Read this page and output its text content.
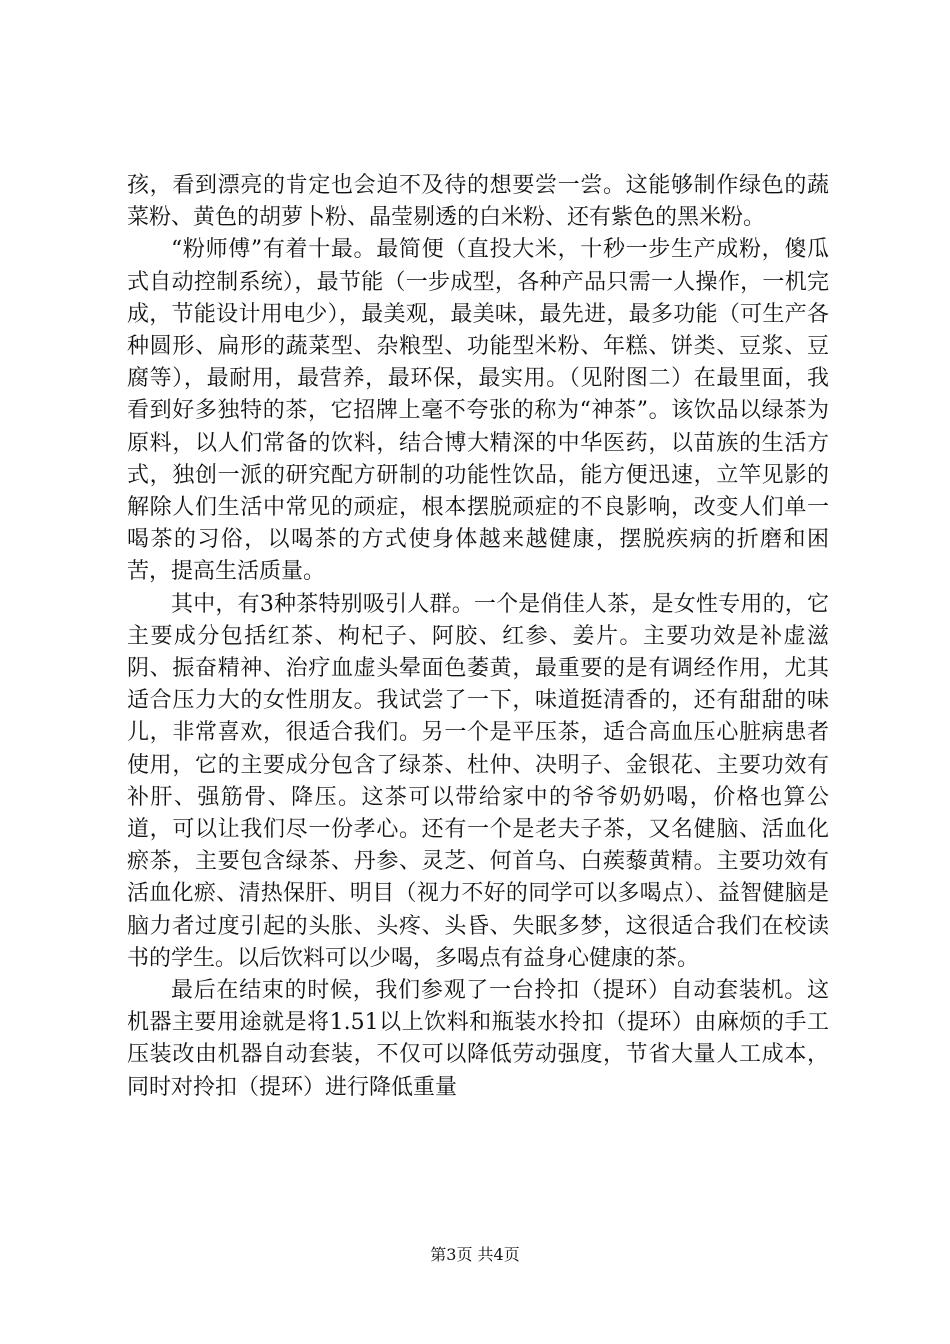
孩，看到漂亮的肯定也会迫不及待的想要尝一尝。这能够制作绿色的蔬菜粉、黄色的胡萝卜粉、晶莹剔透的白米粉、还有紫色的黑米粉。

“粉师傅”有着十最。最简便（直投大米，十秒一步生产成粉，傻瓜式自动控制系统），最节能（一步成型，各种产品只需一人操作，一机完成，节能设计用电少），最美观，最美味，最先进，最多功能（可生产各种圆形、扁形的蔬菜型、杂粮型、功能型米粉、年糕、饼类、豆浆、豆腐等），最耐用，最营养，最环保，最实用。（见附图二）在最里面，我看到好多独特的茶，它招牌上毫不夸张的称为“神茶”。该饮品以绿茶为原料，以人们常备的饮料，结合博大精深的中华医药，以苗族的生活方式，独创一派的研究配方研制的功能性饮品，能方便迅速，立竿见影的解除人们生活中常见的顽症，根本摆脱顽症的不良影响，改变人们单一喝茶的习俗，以喝茶的方式使身体越来越健康，摆脱疾病的折磨和困苦，提高生活质量。

其中，有3种茶特别吸引人群。一个是俏佳人茶，是女性专用的，它主要成分包括红茶、枸杞子、阿胶、红参、姜片。主要功效是补虚滋阴、振奋精神、治疗血虚头晕面色萎黄，最重要的是有调经作用，尤其适合压力大的女性朋友。我试尝了一下，味道挺清香的，还有甜甜的味儿，非常喜欢，很适合我们。另一个是平压茶，适合高血压心脏病患者使用，它的主要成分包含了绿茶、杜仲、决明子、金银花、主要功效有补肝、强筋骨、降压。这茶可以带给家中的爷爷奶奶喝，价格也算公道，可以让我们尽一份孝心。还有一个是老夫子茶，又名健脑、活血化瘀茶，主要包含绿茶、丹参、灵芝、何首乌、白蒺藜黄精。主要功效有活血化瘀、清热保肝、明目（视力不好的同学可以多喝点）、益智健脑是脑力者过度引起的头胀、头疼、头昏、失眠多梦，这很适合我们在校读书的学生。以后饮料可以少喝，多喝点有益身心健康的茶。

最后在结束的时候，我们参观了一台拎扣（提环）自动套装机。这机器主要用途就是将1.51以上饮料和瓶装水拎扣（提环）由麻烦的手工压装改由机器自动套装，不仅可以降低劳动强度，节省大量人工成本，同时对拎扣（提环）进行降低重量

第3页 共4页
